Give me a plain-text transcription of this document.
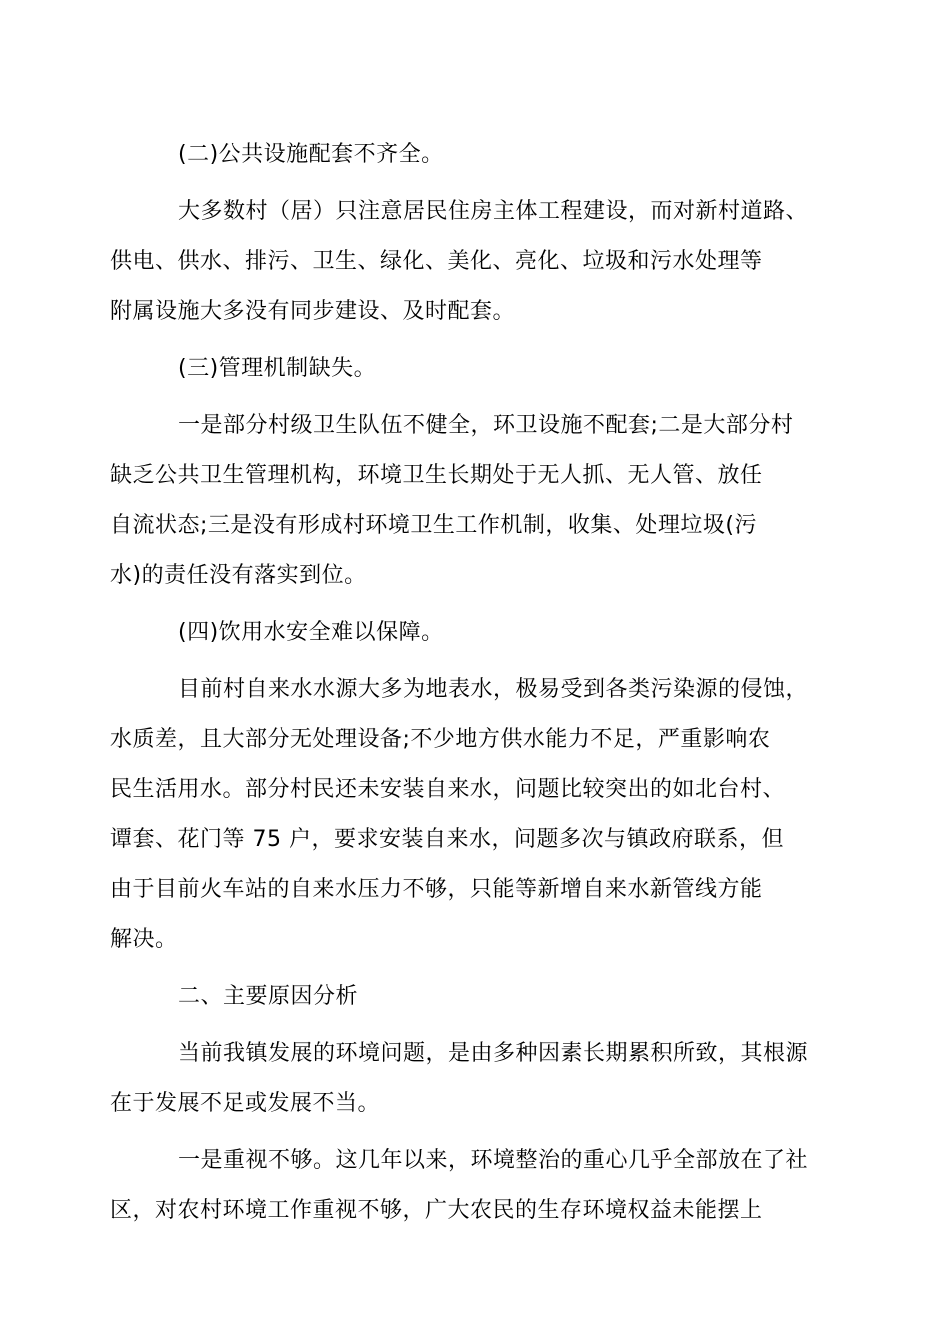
(二)公共设施配套不齐全。

大多数村（居）只注意居民住房主体工程建设，而对新村道路、
供电、供水、排污、卫生、绿化、美化、亮化、垃圾和污水处理等
附属设施大多没有同步建设、及时配套。

(三)管理机制缺失。

一是部分村级卫生队伍不健全，环卫设施不配套;二是大部分村
缺乏公共卫生管理机构，环境卫生长期处于无人抓、无人管、放任
自流状态;三是没有形成村环境卫生工作机制，收集、处理垃圾(污
水)的责任没有落实到位。

(四)饮用水安全难以保障。

目前村自来水水源大多为地表水，极易受到各类污染源的侵蚀，
水质差，且大部分无处理设备;不少地方供水能力不足，严重影响农
民生活用水。部分村民还未安装自来水，问题比较突出的如北台村、
谭套、花门等 75 户，要求安装自来水，问题多次与镇政府联系，但
由于目前火车站的自来水压力不够，只能等新增自来水新管线方能
解决。

二、主要原因分析

当前我镇发展的环境问题，是由多种因素长期累积所致，其根源
在于发展不足或发展不当。

一是重视不够。这几年以来，环境整治的重心几乎全部放在了社
区，对农村环境工作重视不够，广大农民的生存环境权益未能摆上
